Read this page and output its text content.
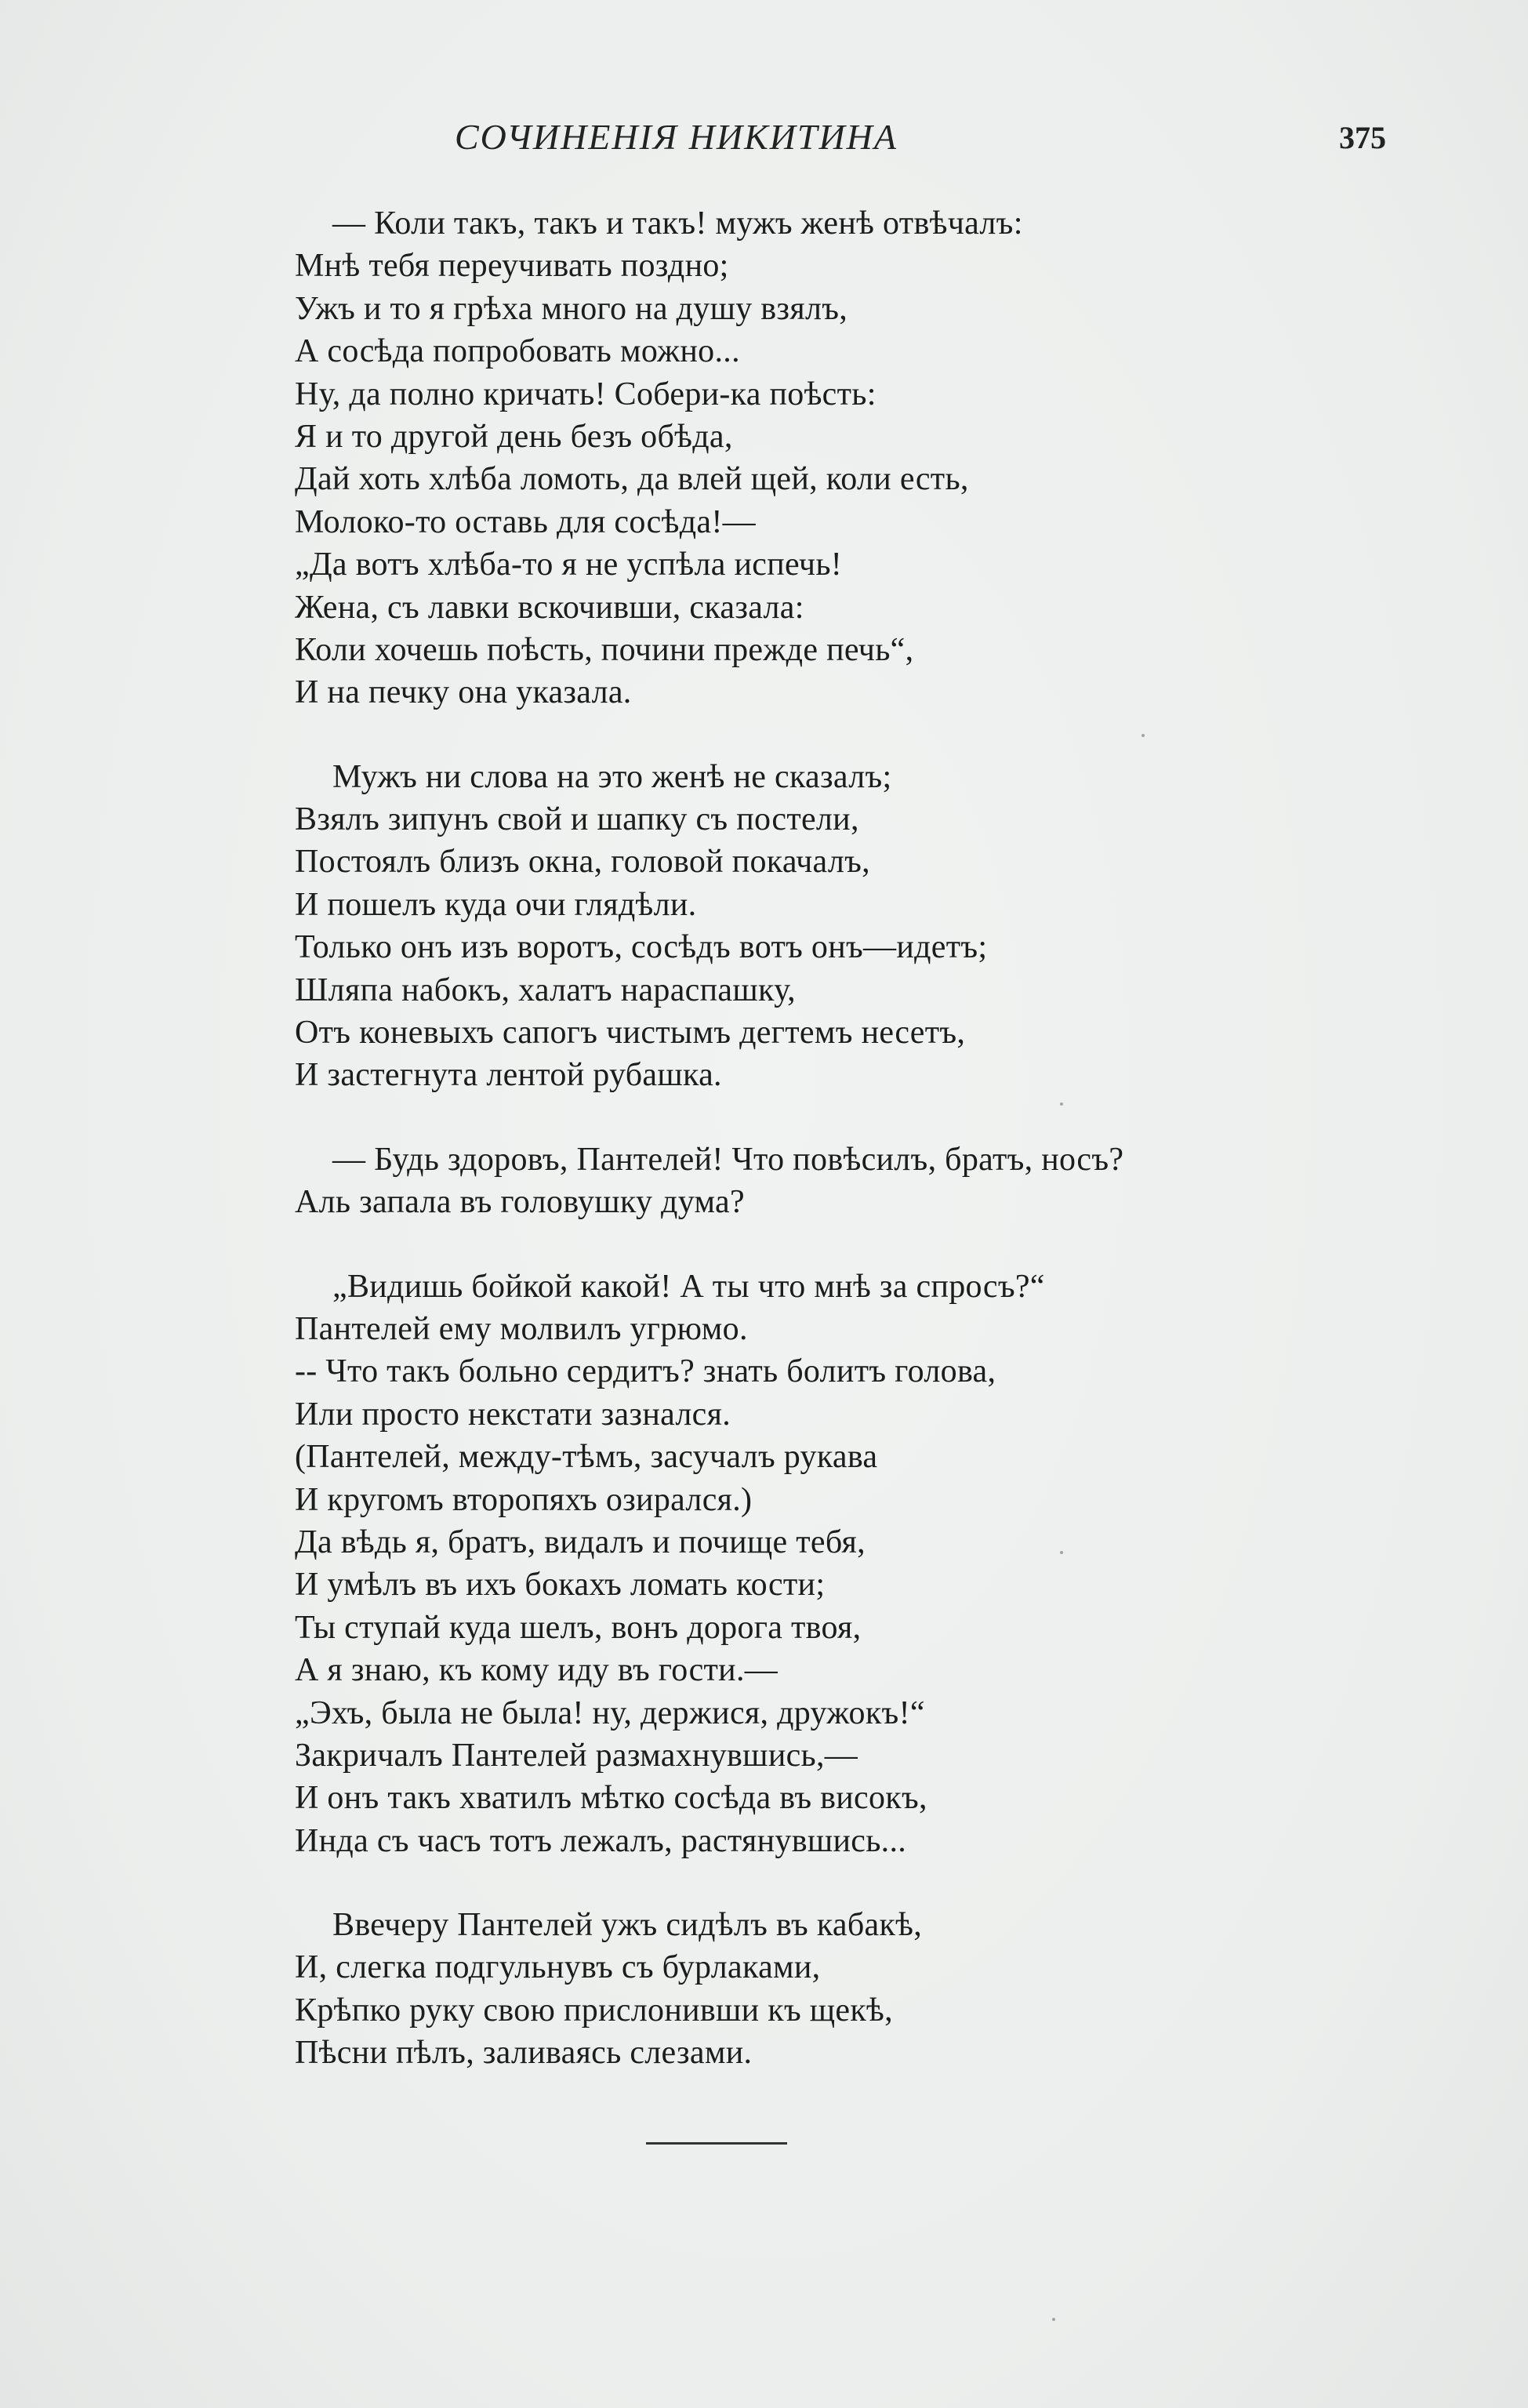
СОЧИНЕНІЯ НИКИТИНА	375
— Коли такъ, такъ и такъ! мужъ женѣ отвѣчалъ:
Мнѣ тебя переучивать поздно;
Ужъ и то я грѣха много на душу взялъ,
А сосѣда попробовать можно...
Ну, да полно кричать! Собери-ка поѣсть:
Я и то другой день безъ обѣда,
Дай хоть хлѣба ломоть, да влей щей, коли есть,
Молоко-то оставь для сосѣда!—
„Да вотъ хлѣба-то я не успѣла испечь!
Жена, съ лавки вскочивши, сказала:
Коли хочешь поѣсть, почини прежде печь“,
И на печку она указала.
Мужъ ни слова на это женѣ не сказалъ;
Взялъ зипунъ свой и шапку съ постели,
Постоялъ близъ окна, головой покачалъ,
И пошелъ куда очи глядѣли.
Только онъ изъ воротъ, сосѣдъ вотъ онъ—идетъ;
Шляпа набокъ, халатъ нараспашку,
Отъ коневыхъ сапогъ чистымъ дегтемъ несетъ,
И застегнута лентой рубашка.
— Будь здоровъ, Пантелей! Что повѣсилъ, братъ, носъ?
Аль запала въ головушку дума?
„Видишь бойкой какой! А ты что мнѣ за спросъ?“
Пантелей ему молвилъ угрюмо.
-- Что такъ больно сердитъ? знать болитъ голова,
Или просто некстати зазнался.
(Пантелей, между-тѣмъ, засучалъ рукава
И кругомъ второпяхъ озирался.)
Да вѣдь я, братъ, видалъ и почище тебя,
И умѣлъ въ ихъ бокахъ ломать кости;
Ты ступай куда шелъ, вонъ дорога твоя,
А я знаю, къ кому иду въ гости.—
„Эхъ, была не была! ну, держися, дружокъ!“
Закричалъ Пантелей размахнувшись,—
И онъ такъ хватилъ мѣтко сосѣда въ високъ,
Инда съ часъ тотъ лежалъ, растянувшись...
Ввечеру Пантелей ужъ сидѣлъ въ кабакѣ,
И, слегка подгульнувъ съ бурлаками,
Крѣпко руку свою прислонивши къ щекѣ,
Пѣсни пѣлъ, заливаясь слезами.
